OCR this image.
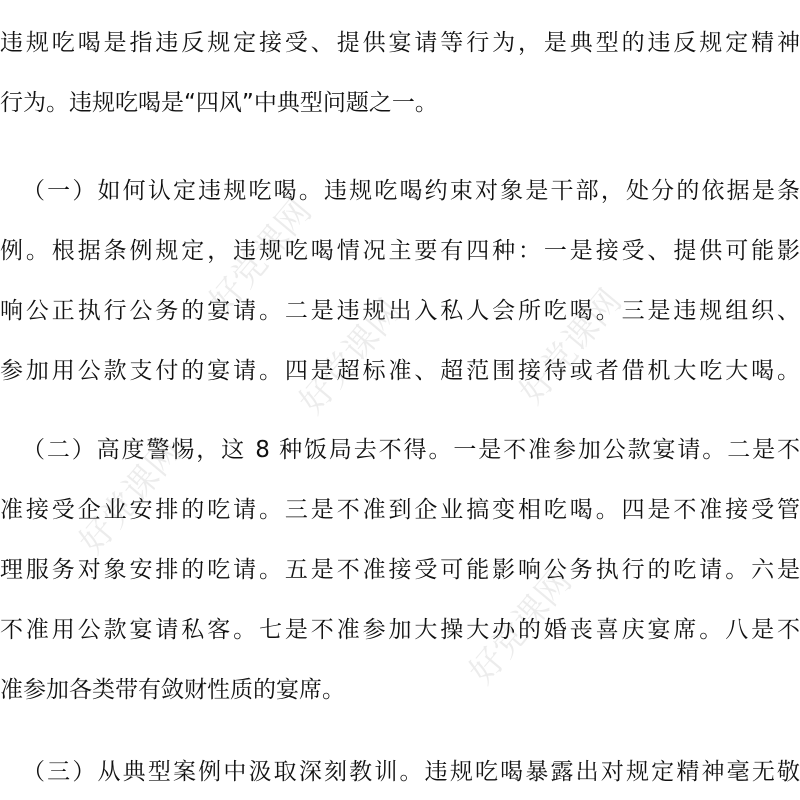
好党课网
好党课网	好党课网
好党课网
好党课网
违规吃喝是指违反规定接受、提供宴请等行为，是典型的违反规定精神
行为。违规吃喝是“四风”中典型问题之一。
（一）如何认定违规吃喝。违规吃喝约束对象是干部，处分的依据是条
例。根据条例规定，违规吃喝情况主要有四种：一是接受、提供可能影
响公正执行公务的宴请。二是违规出入私人会所吃喝。三是违规组织、
参加用公款支付的宴请。四是超标准、超范围接待或者借机大吃大喝。
（二）高度警惕，这 8 种饭局去不得。一是不准参加公款宴请。二是不
准接受企业安排的吃请。三是不准到企业搞变相吃喝。四是不准接受管
理服务对象安排的吃请。五是不准接受可能影响公务执行的吃请。六是
不准用公款宴请私客。七是不准参加大操大办的婚丧喜庆宴席。八是不
准参加各类带有敛财性质的宴席。
（三）从典型案例中汲取深刻教训。违规吃喝暴露出对规定精神毫无敬
